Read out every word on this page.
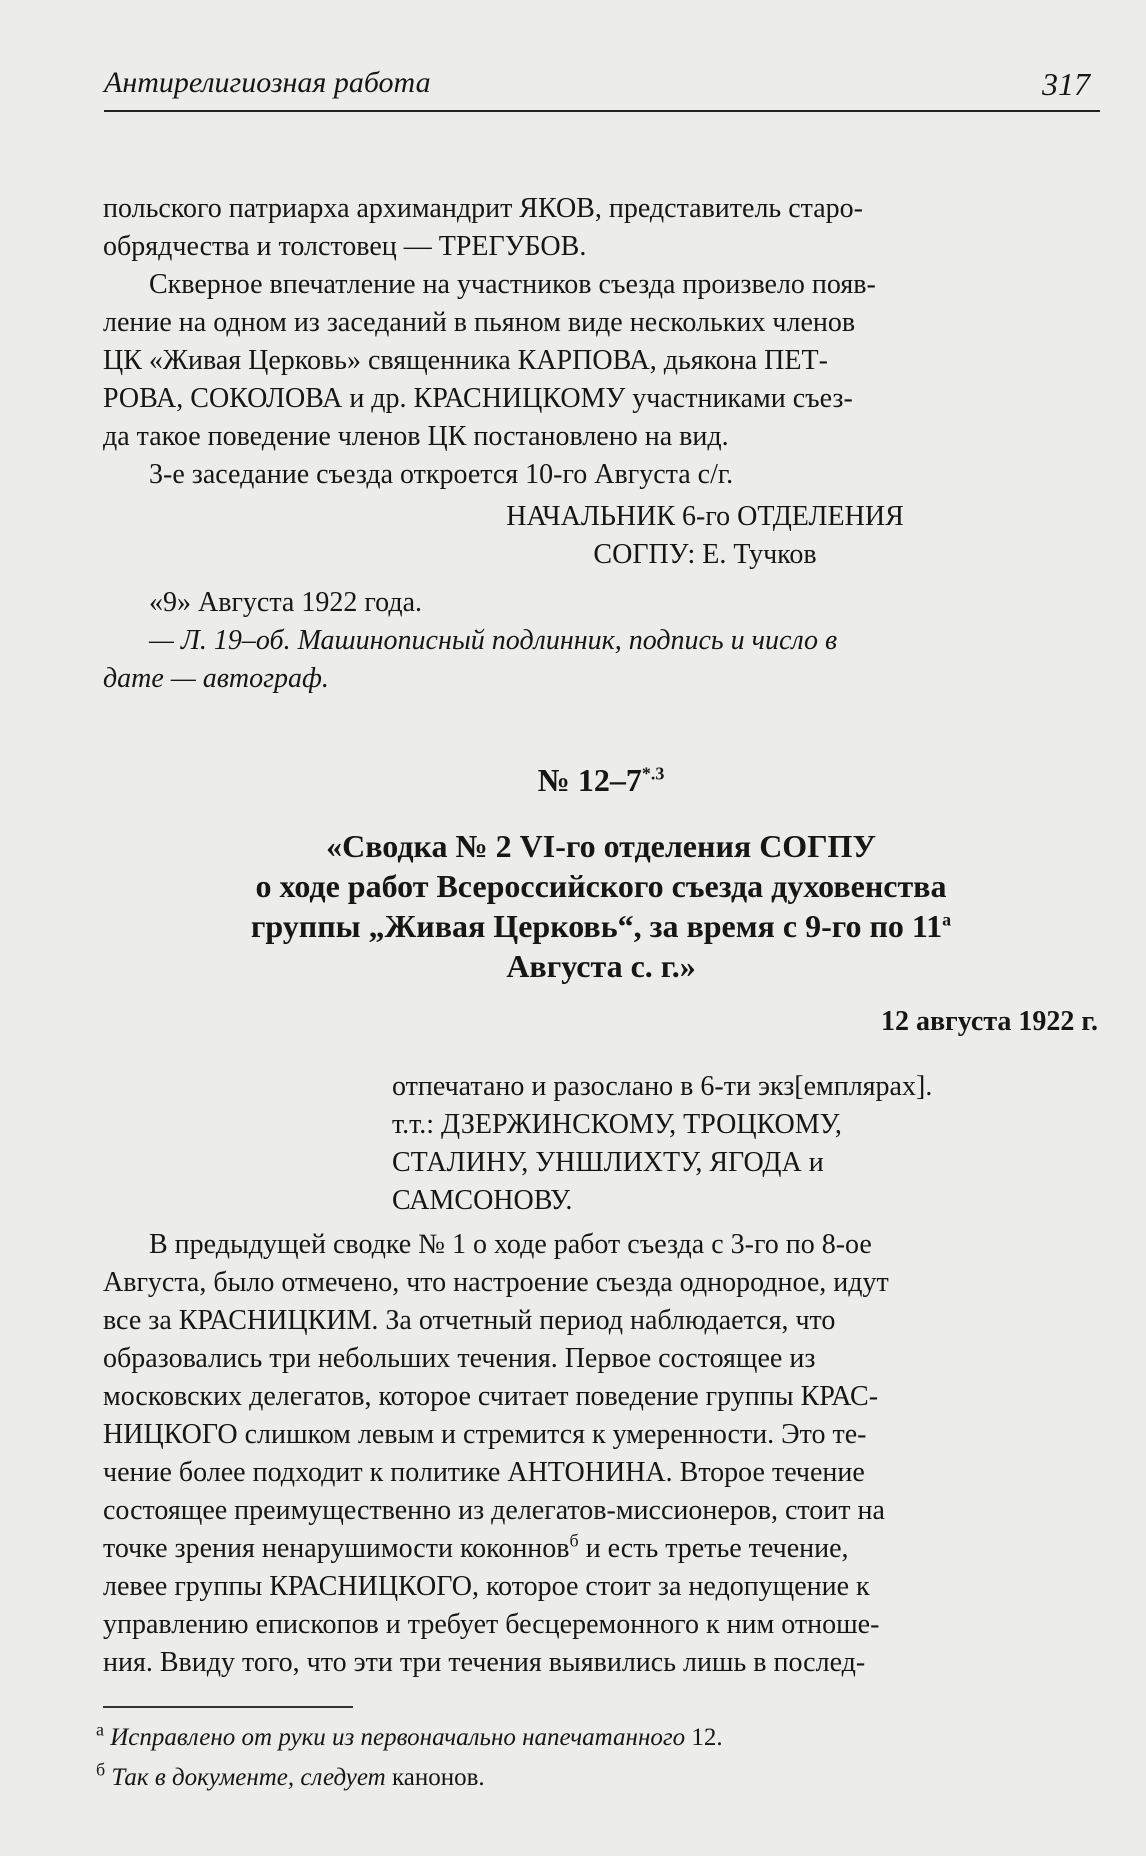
Антирелигиозная работа	317

польского патриарха архимандрит ЯКОВ, представитель старо-

обрядчества и толстовец — ТРЕГУБОВ.

Скверное впечатление на участников съезда произвело появ-

ление на одном из заседаний в пьяном виде нескольких членов

ЦК «Живая Церковь» священника КАРПОВА, дьякона ПЕТ-

РОВА, СОКОЛОВА и др. КРАСНИЦКОМУ участниками съез-

да такое поведение членов ЦК постановлено на вид.

3-е заседание съезда откроется 10-го Августа с/г.

НАЧАЛЬНИК 6-го ОТДЕЛЕНИЯ
СОГПУ: Е. Тучков

«9» Августа 1922 года.

— Л. 19–об. Машинописный подлинник, подпись и число в

дате — автограф.

№ $12-7^{*.3}$
«Сводка № 2 VI-го отделения СОГПУ
о ходе работ Всероссийского съезда духовенства
группы „Живая Церковь“, за время с 9-го по $11^а$
Августа с. г.»
12 августа 1922 г.
отпечатано и разослано в 6-ти экз[емплярах].
т.т.: ДЗЕРЖИНСКОМУ, ТРОЦКОМУ,
СТАЛИНУ, УНШЛИХТУ, ЯГОДА и
САМСОНОВУ.

В предыдущей сводке № 1 о ходе работ съезда с 3-го по 8-ое

Августа, было отмечено, что настроение съезда однородное, идут

все за КРАСНИЦКИМ. За отчетный период наблюдается, что

образовались три небольших течения. Первое состоящее из

московских делегатов, которое считает поведение группы КРАС-

НИЦКОГО слишком левым и стремится к умеренности. Это те-

чение более подходит к политике АНТОНИНА. Второе течение

состоящее преимущественно из делегатов-миссионеров, стоит на

точке зрения ненарушимости коконнов$^б$ и есть третье течение,

левее группы КРАСНИЦКОГО, которое стоит за недопущение к

управлению епископов и требует бесцеремонного к ним отноше-

ния. Ввиду того, что эти три течения выявились лишь в послед-

$^а$ Исправлено от руки из первоначально напечатанного 12.
$^б$ Так в документе, следует канонов.
